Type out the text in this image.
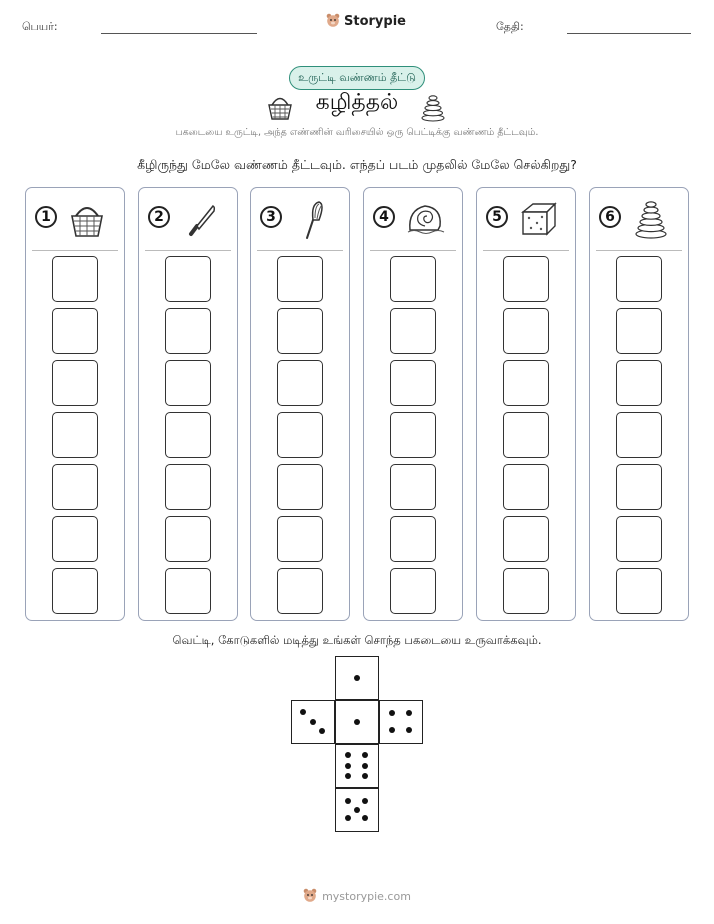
பெயர்:	Storypie	தேதி:
உருட்டி வண்ணம் தீட்டு
கழித்தல்
பகடையை உருட்டி, அந்த எண்ணின் வரிசையில் ஒரு பெட்டிக்கு வண்ணம் தீட்டவும்.
கீழிருந்து மேலே வண்ணம் தீட்டவும். எந்தப் படம் முதலில் மேலே செல்கிறது?
1	2	3	4	5	6
வெட்டி, கோடுகளில் மடித்து உங்கள் சொந்த பகடையை உருவாக்கவும்.
mystorypie.com
